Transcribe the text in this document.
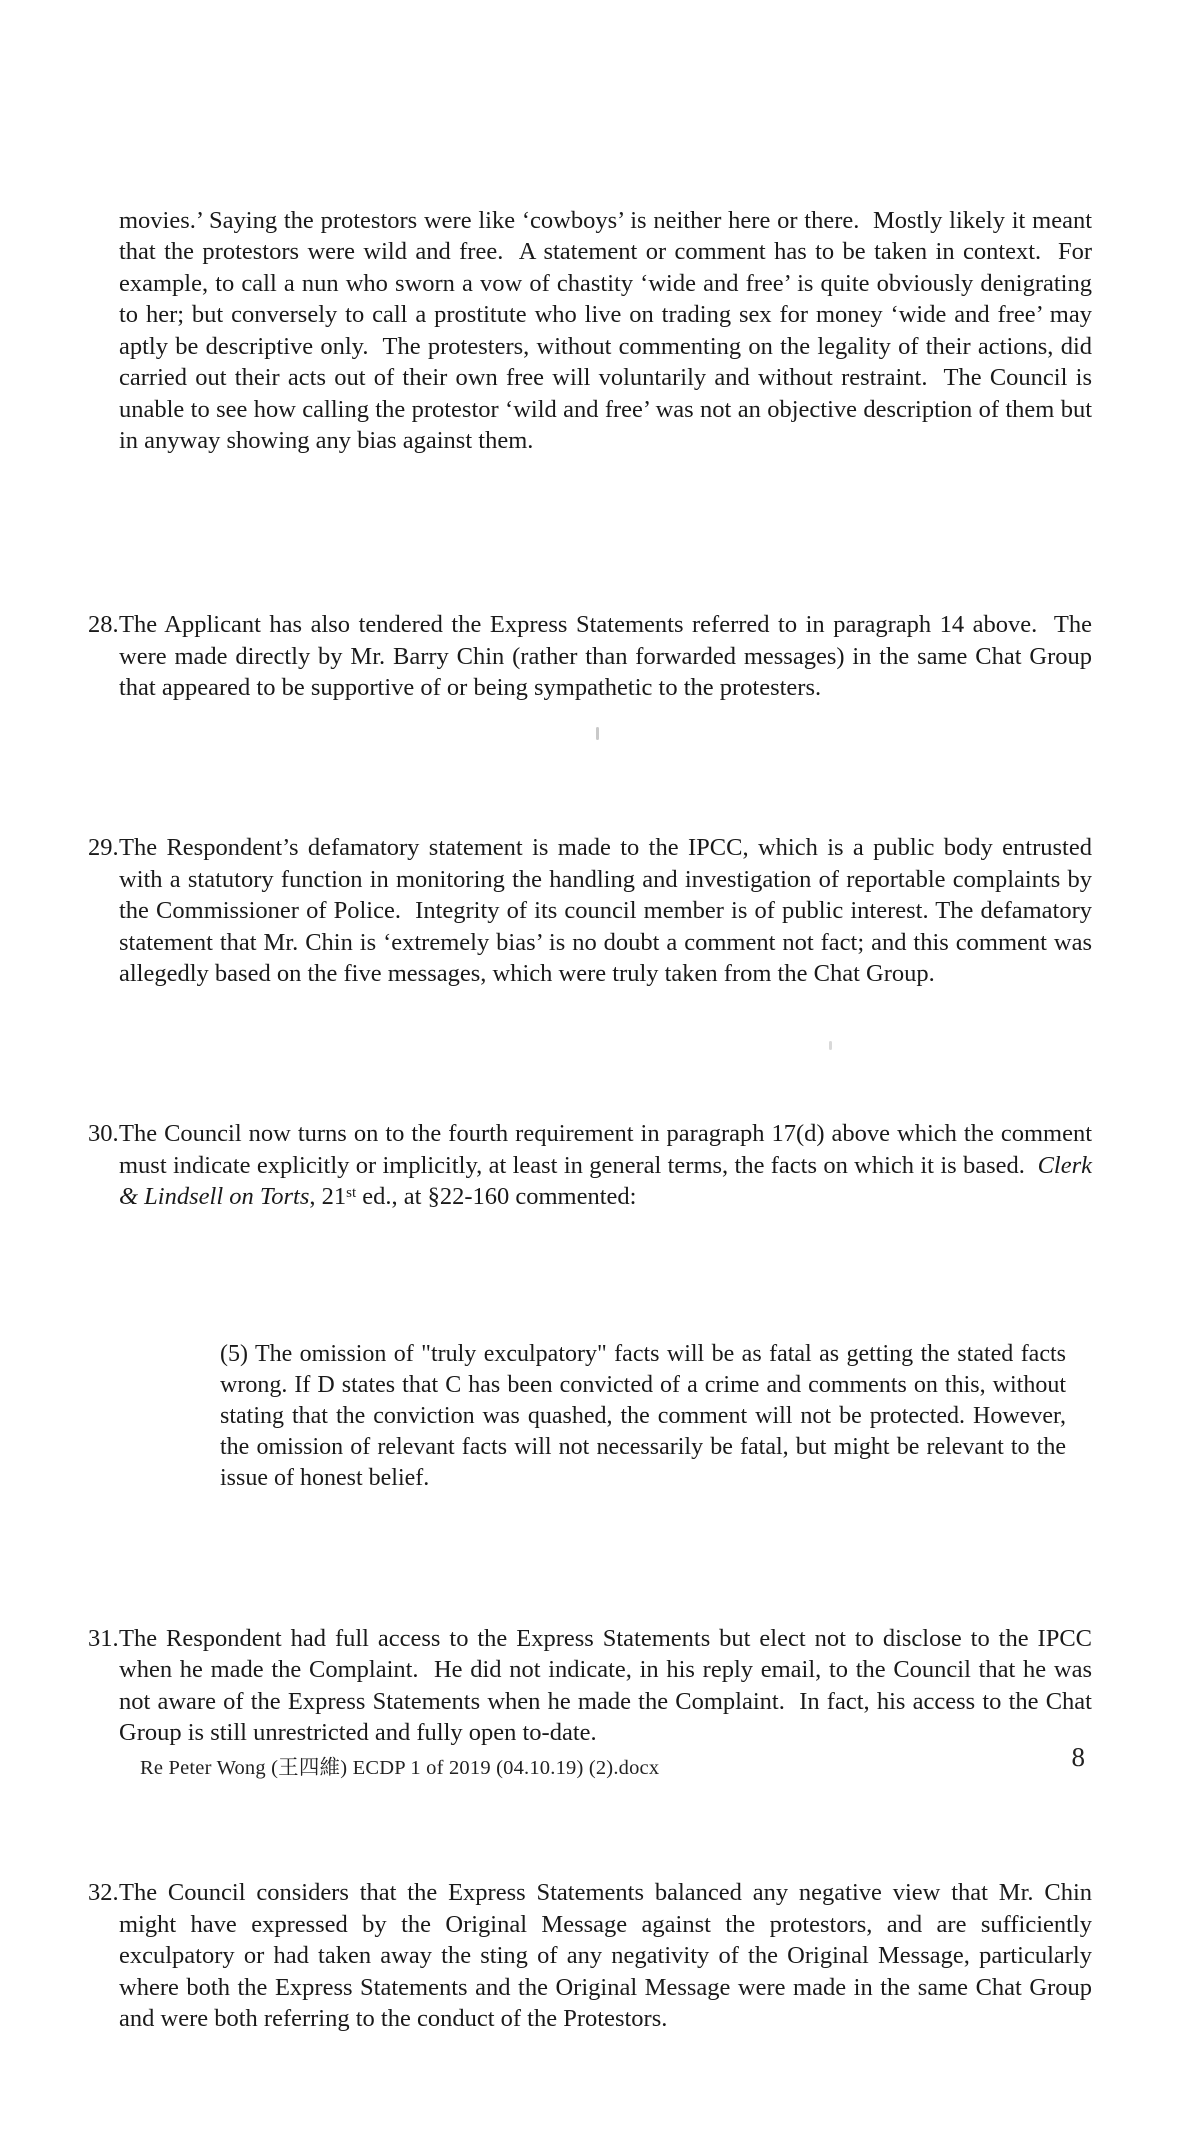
movies.’ Saying the protestors were like ‘cowboys’ is neither here or there.  Mostly likely it meant that the protestors were wild and free.  A statement or comment has to be taken in context.  For example, to call a nun who sworn a vow of chastity ‘wide and free’ is quite obviously denigrating to her; but conversely to call a prostitute who live on trading sex for money ‘wide and free’ may aptly be descriptive only.  The protesters, without commenting on the legality of their actions, did carried out their acts out of their own free will voluntarily and without restraint.  The Council is unable to see how calling the protestor ‘wild and free’ was not an objective description of them but in anyway showing any bias against them.

28. The Applicant has also tendered the Express Statements referred to in paragraph 14 above.  The were made directly by Mr. Barry Chin (rather than forwarded messages) in the same Chat Group that appeared to be supportive of or being sympathetic to the protesters.

29. The Respondent’s defamatory statement is made to the IPCC, which is a public body entrusted with a statutory function in monitoring the handling and investigation of reportable complaints by the Commissioner of Police.  Integrity of its council member is of public interest. The defamatory statement that Mr. Chin is ‘extremely bias’ is no doubt a comment not fact; and this comment was allegedly based on the five messages, which were truly taken from the Chat Group.

30. The Council now turns on to the fourth requirement in paragraph 17(d) above which the comment must indicate explicitly or implicitly, at least in general terms, the facts on which it is based.  Clerk & Lindsell on Torts, 21st ed., at §22-160 commented:

(5) The omission of "truly exculpatory" facts will be as fatal as getting the stated facts wrong. If D states that C has been convicted of a crime and comments on this, without stating that the conviction was quashed, the comment will not be protected. However, the omission of relevant facts will not necessarily be fatal, but might be relevant to the issue of honest belief.

31. The Respondent had full access to the Express Statements but elect not to disclose to the IPCC when he made the Complaint.  He did not indicate, in his reply email, to the Council that he was not aware of the Express Statements when he made the Complaint.  In fact, his access to the Chat Group is still unrestricted and fully open to-date.

32. The Council considers that the Express Statements balanced any negative view that Mr. Chin might have expressed by the Original Message against the protestors, and are sufficiently exculpatory or had taken away the sting of any negativity of the Original Message, particularly where both the Express Statements and the Original Message were made in the same Chat Group and were both referring to the conduct of the Protestors.

Re Peter Wong (王四維) ECDP 1 of 2019 (04.10.19) (2).docx	8
